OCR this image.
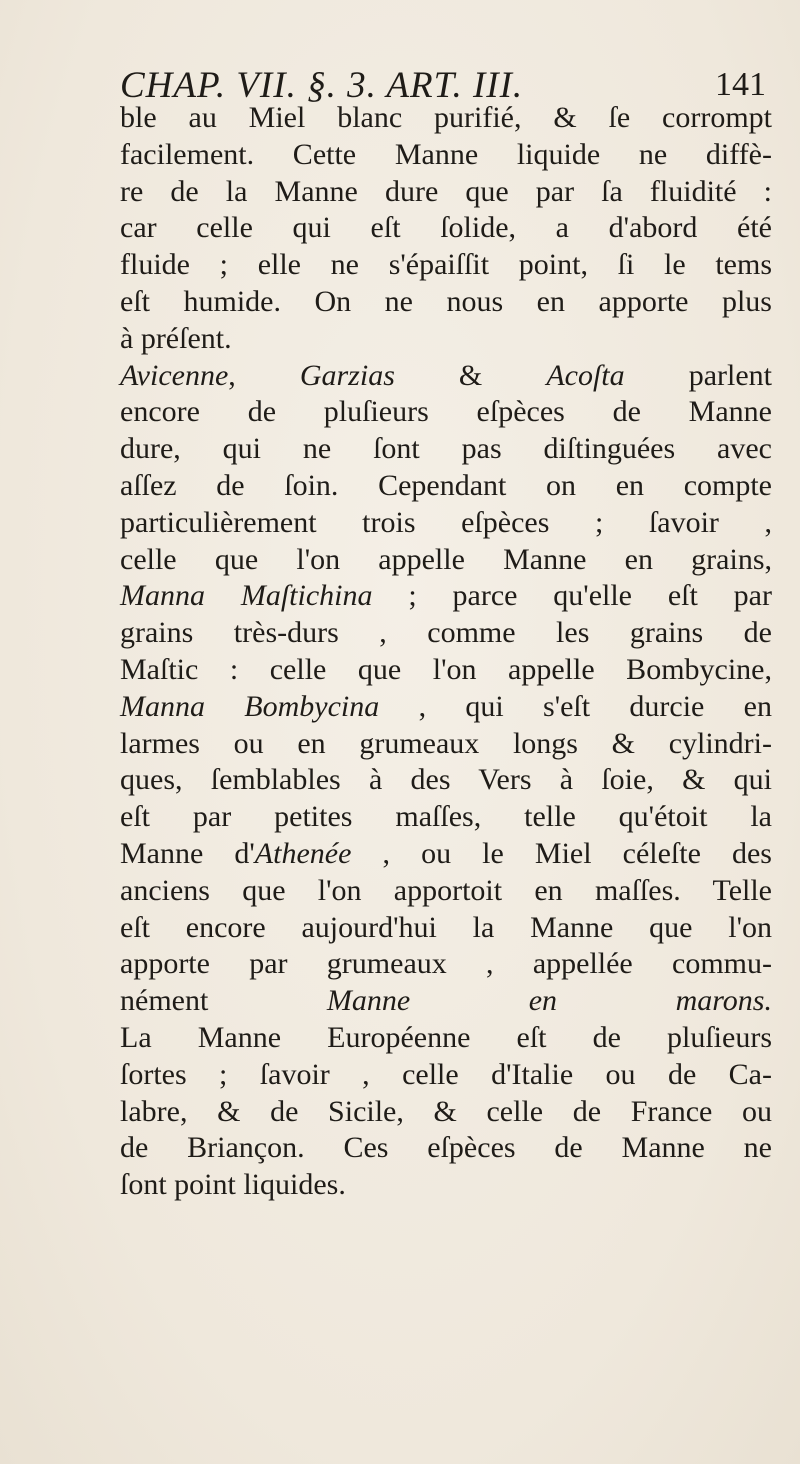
CHAP. VII. §. 3. ART. III.	141
ble au Miel blanc purifié, & ſe corrompt
facilement. Cette Manne liquide ne diffè-
re de la Manne dure que par ſa fluidité :
car celle qui eſt ſolide, a d'abord été
fluide ; elle ne s'épaiſſit point, ſi le tems
eſt humide. On ne nous en apporte plus
à préſent.
Avicenne, Garzias & Acoſta parlent
encore de pluſieurs eſpèces de Manne
dure, qui ne ſont pas diſtinguées avec
aſſez de ſoin. Cependant on en compte
particulièrement trois eſpèces ; ſavoir ,
celle que l'on appelle Manne en grains,
Manna Maſtichina ; parce qu'elle eſt par
grains très-durs , comme les grains de
Maſtic : celle que l'on appelle Bombycine,
Manna Bombycina , qui s'eſt durcie en
larmes ou en grumeaux longs & cylindri-
ques, ſemblables à des Vers à ſoie, & qui
eſt par petites maſſes, telle qu'étoit la
Manne d'Athenée , ou le Miel céleſte des
anciens que l'on apportoit en maſſes. Telle
eſt encore aujourd'hui la Manne que l'on
apporte par grumeaux , appellée commu-
nément Manne en marons.
La Manne Européenne eſt de pluſieurs
ſortes ; ſavoir , celle d'Italie ou de Ca-
labre, & de Sicile, & celle de France ou
de Briançon. Ces eſpèces de Manne ne
ſont point liquides.
